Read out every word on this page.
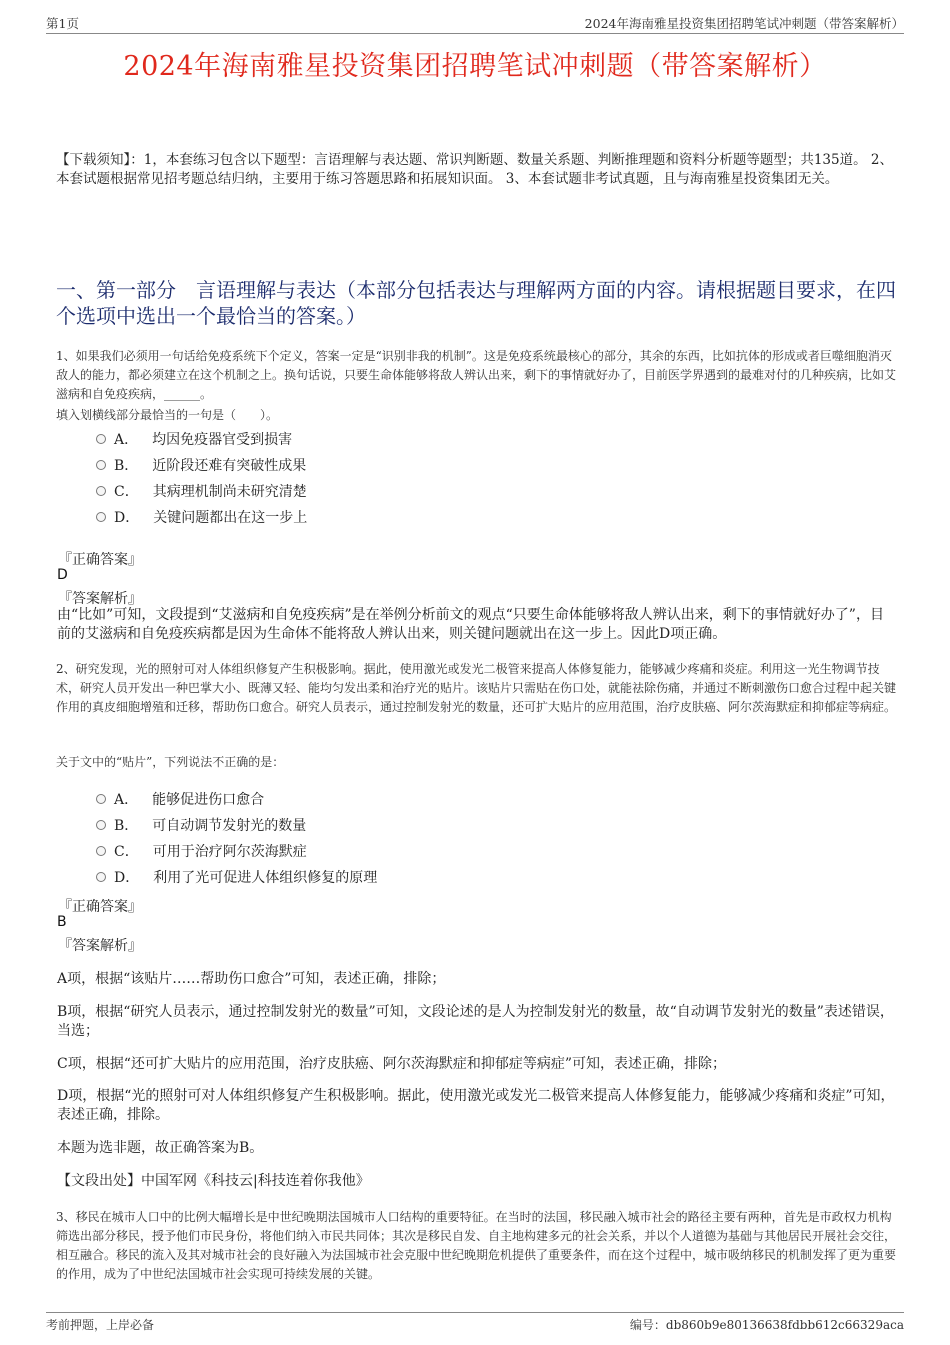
第1页	2024年海南雅星投资集团招聘笔试冲刺题（带答案解析）
2024年海南雅星投资集团招聘笔试冲刺题（带答案解析）
【下载须知】：1，本套练习包含以下题型：言语理解与表达题、常识判断题、数量关系题、判断推理题和资料分析题等题型；共135道。 2、本套试题根据常见招考题总结归纳，主要用于练习答题思路和拓展知识面。 3、本套试题非考试真题，且与海南雅星投资集团无关。
一、第一部分　言语理解与表达（本部分包括表达与理解两方面的内容。请根据题目要求，在四个选项中选出一个最恰当的答案。）
1、如果我们必须用一句话给免疫系统下个定义，答案一定是“识别非我的机制”。这是免疫系统最核心的部分，其余的东西，比如抗体的形成或者巨噬细胞消灭敌人的能力，都必须建立在这个机制之上。换句话说，只要生命体能够将敌人辨认出来，剩下的事情就好办了，目前医学界遇到的最难对付的几种疾病，比如艾滋病和自免疫疾病，______。
填入划横线部分最恰当的一句是（　　）。
A． 均因免疫器官受到损害
B． 近阶段还难有突破性成果
C． 其病理机制尚未研究清楚
D． 关键问题都出在这一步上
『正确答案』
D
『答案解析』
由“比如”可知，文段提到“艾滋病和自免疫疾病”是在举例分析前文的观点“只要生命体能够将敌人辨认出来，剩下的事情就好办了”，目前的艾滋病和自免疫疾病都是因为生命体不能将敌人辨认出来，则关键问题就出在这一步上。因此D项正确。
2、研究发现，光的照射可对人体组织修复产生积极影响。据此，使用激光或发光二极管来提高人体修复能力，能够减少疼痛和炎症。利用这一光生物调节技术，研究人员开发出一种巴掌大小、既薄又轻、能均匀发出柔和治疗光的贴片。该贴片只需贴在伤口处，就能祛除伤痛，并通过不断刺激伤口愈合过程中起关键作用的真皮细胞增殖和迁移，帮助伤口愈合。研究人员表示，通过控制发射光的数量，还可扩大贴片的应用范围，治疗皮肤癌、阿尔茨海默症和抑郁症等病症。
关于文中的“贴片”，下列说法不正确的是：
A． 能够促进伤口愈合
B． 可自动调节发射光的数量
C． 可用于治疗阿尔茨海默症
D． 利用了光可促进人体组织修复的原理
『正确答案』
B
『答案解析』
A项，根据“该贴片……帮助伤口愈合”可知，表述正确，排除；
B项，根据“研究人员表示，通过控制发射光的数量”可知，文段论述的是人为控制发射光的数量，故“自动调节发射光的数量”表述错误，当选；
C项，根据“还可扩大贴片的应用范围，治疗皮肤癌、阿尔茨海默症和抑郁症等病症”可知，表述正确，排除；
D项，根据“光的照射可对人体组织修复产生积极影响。据此，使用激光或发光二极管来提高人体修复能力，能够减少疼痛和炎症”可知，表述正确，排除。
本题为选非题，故正确答案为B。
【文段出处】中国军网《科技云|科技连着你我他》
3、移民在城市人口中的比例大幅增长是中世纪晚期法国城市人口结构的重要特征。在当时的法国，移民融入城市社会的路径主要有两种，首先是市政权力机构筛选出部分移民，授予他们市民身份，将他们纳入市民共同体；其次是移民自发、自主地构建多元的社会关系，并以个人道德为基础与其他居民开展社会交往，相互融合。移民的流入及其对城市社会的良好融入为法国城市社会克服中世纪晚期危机提供了重要条件，而在这个过程中，城市吸纳移民的机制发挥了更为重要的作用，成为了中世纪法国城市社会实现可持续发展的关键。
考前押题，上岸必备	编号：db860b9e80136638fdbb612c66329aca
